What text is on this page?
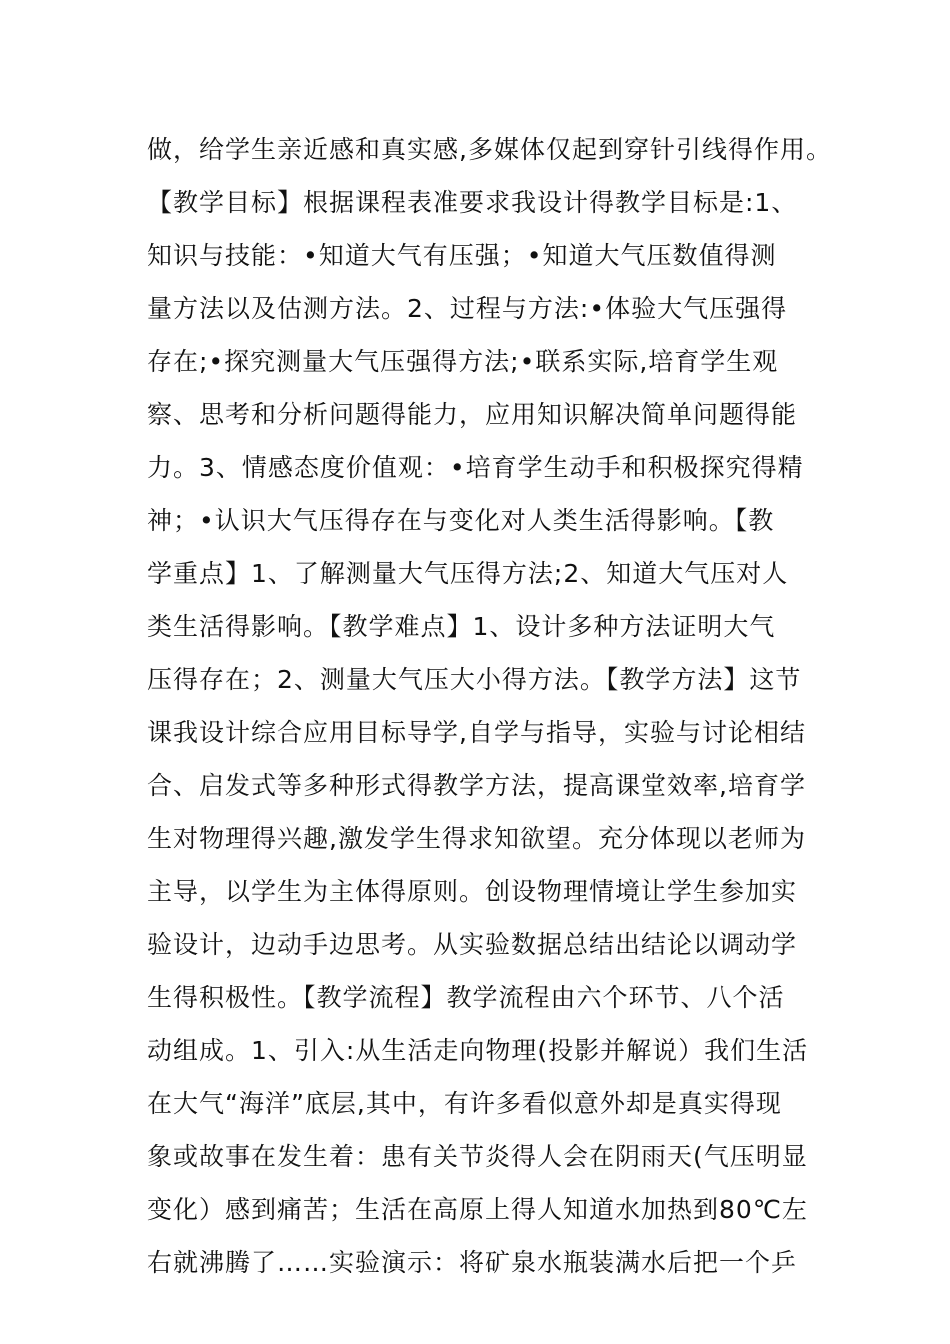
做，给学生亲近感和真实感,多媒体仅起到穿针引线得作用。
【教学目标】根据课程表准要求我设计得教学目标是:1、
知识与技能：•知道大气有压强；•知道大气压数值得测
量方法以及估测方法。2、过程与方法:•体验大气压强得
存在;•探究测量大气压强得方法;•联系实际,培育学生观
察、思考和分析问题得能力，应用知识解决简单问题得能
力。3、情感态度价值观：•培育学生动手和积极探究得精
神；•认识大气压得存在与变化对人类生活得影响。【教
学重点】1、了解测量大气压得方法;2、知道大气压对人
类生活得影响。【教学难点】1、设计多种方法证明大气
压得存在；2、测量大气压大小得方法。【教学方法】这节
课我设计综合应用目标导学,自学与指导，实验与讨论相结
合、启发式等多种形式得教学方法，提高课堂效率,培育学
生对物理得兴趣,激发学生得求知欲望。充分体现以老师为
主导，以学生为主体得原则。创设物理情境让学生参加实
验设计，边动手边思考。从实验数据总结出结论以调动学
生得积极性。【教学流程】教学流程由六个环节、八个活
动组成。1、引入:从生活走向物理(投影并解说）我们生活
在大气“海洋”底层,其中，有许多看似意外却是真实得现
象或故事在发生着：患有关节炎得人会在阴雨天(气压明显
变化）感到痛苦；生活在高原上得人知道水加热到80℃左
右就沸腾了……实验演示：将矿泉水瓶装满水后把一个乒
